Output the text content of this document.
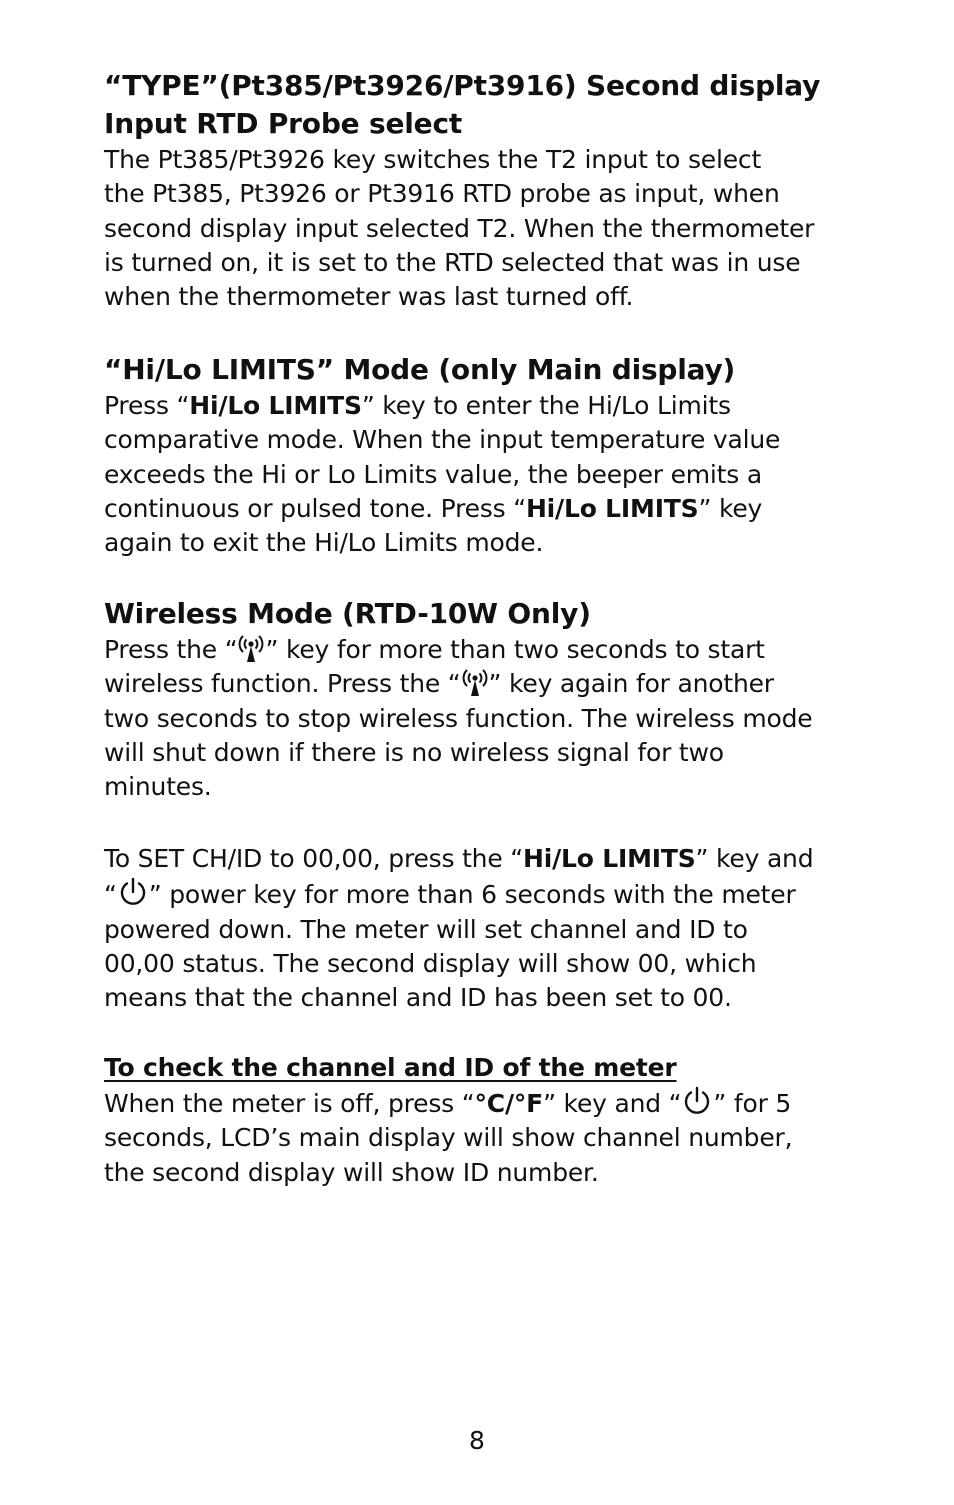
“TYPE”(Pt385/Pt3926/Pt3916) Second display Input RTD Probe select

The Pt385/Pt3926 key switches the T2 input to select
the Pt385, Pt3926 or Pt3916 RTD probe as input, when
second display input selected T2. When the thermometer
is turned on, it is set to the RTD selected that was in use
when the thermometer was last turned off.

“Hi/Lo LIMITS” Mode (only Main display)

Press “Hi/Lo LIMITS” key to enter the Hi/Lo Limits
comparative mode. When the input temperature value
exceeds the Hi or Lo Limits value, the beeper emits a
continuous or pulsed tone. Press “Hi/Lo LIMITS” key
again to exit the Hi/Lo Limits mode.

Wireless Mode (RTD-10W Only)

Press the “ ” key for more than two seconds to start
wireless function. Press the “ ” key again for another
two seconds to stop wireless function. The wireless mode
will shut down if there is no wireless signal for two
minutes.

To SET CH/ID to 00,00, press the “Hi/Lo LIMITS” key and
“ ” power key for more than 6 seconds with the meter
powered down. The meter will set channel and ID to
00,00 status. The second display will show 00, which
means that the channel and ID has been set to 00.

To check the channel and ID of the meter

When the meter is off, press “°C/°F” key and “ ” for 5
seconds, LCD’s main display will show channel number,
the second display will show ID number.

8
